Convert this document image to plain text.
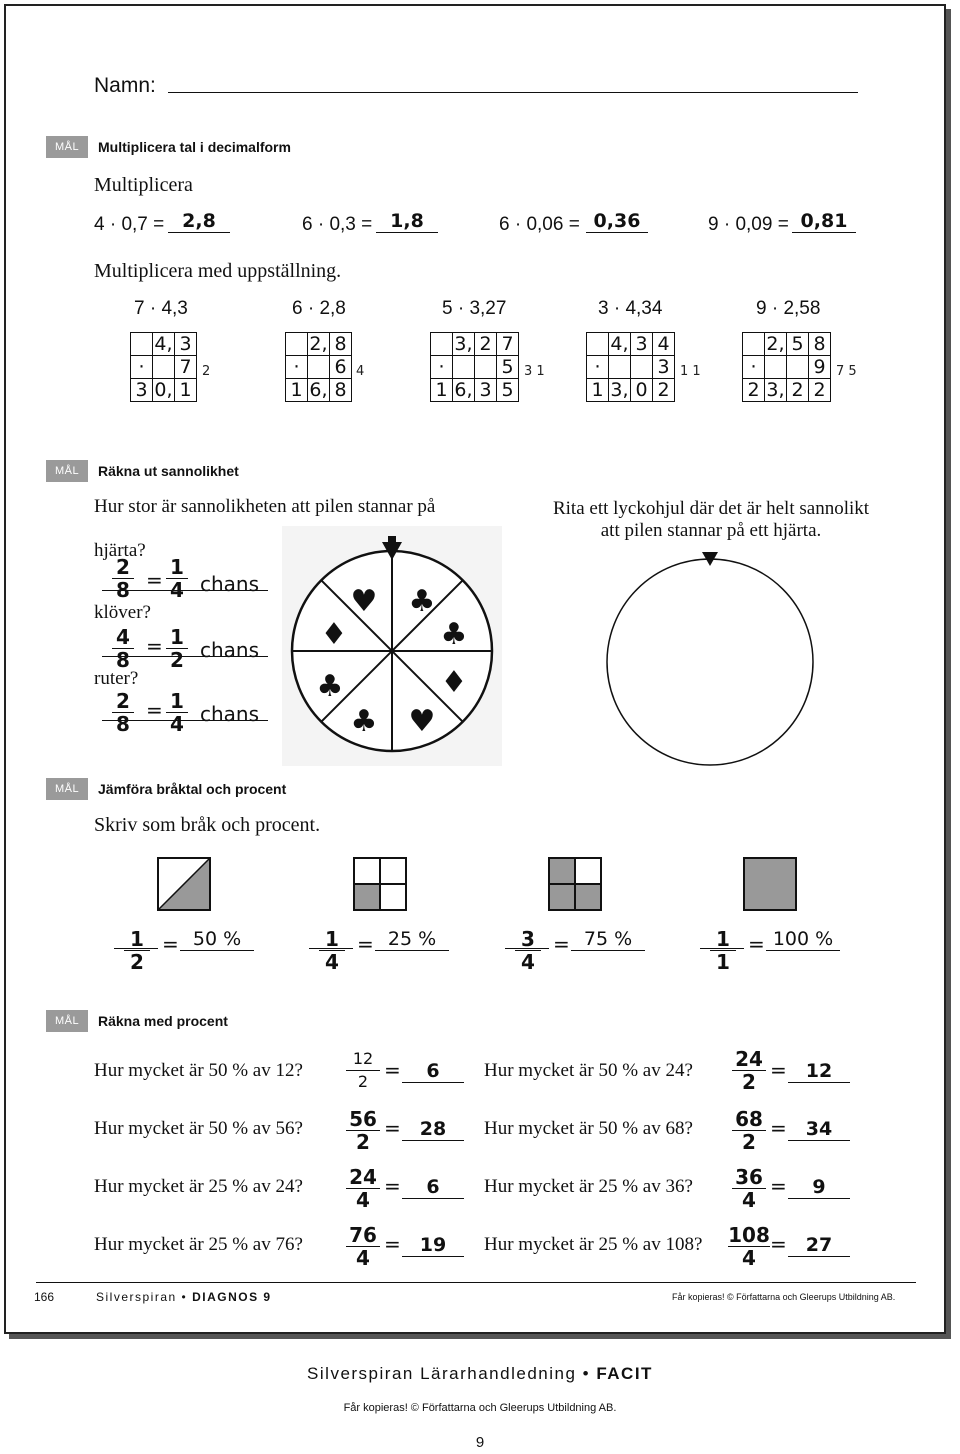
Namn:
MÅL	Multiplicera tal i decimalform
Multiplicera
4 · 0,7 = 2,8	6 · 0,3 = 1,8	6 · 0,06 = 0,36	9 · 0,09 = 0,81
Multiplicera med uppställning.
7 · 4,3	6 · 2,8	5 · 3,27	3 · 4,34	9 · 2,58
	4,	3
·		7
3	0,	1
2
	2,	8
·		6
1	6,	8
4
	3,	2	7
·			5
1	6,	3	5
3 1
	4,	3	4
·			3
1	3,	0	2
1 1
	2,	5	8
·			9
2	3,	2	2
7 5
MÅL	Räkna ut sannolikhet
Hur stor är sannolikheten att pilen stannar på
hjärta?
$\frac{2}{8} = \frac{1}{4}$ chans
klöver?
$\frac{4}{8} = \frac{1}{2}$ chans
ruter?
$\frac{2}{8} = \frac{1}{4}$ chans
♥ ♣
♣
♦
♥
♣
♣
♦
Rita ett lyckohjul där det är helt sannolikt att pilen stannar på ett hjärta.
MÅL	Jämföra bråktal och procent
Skriv som bråk och procent.
$\frac{1}{2} = 50$ %	$\frac{1}{4} = 25$ %	$\frac{3}{4} = 75$ %	$\frac{1}{1} = 100$ %
MÅL	Räkna med procent
Hur mycket är 50 % av 12?	$\frac{12}{2}$ =	6
Hur mycket är 50 % av 56? $\frac{56}{2}$ =	28
Hur mycket är 25 % av 24? $\frac{24}{4}$ =	6
Hur mycket är 25 % av 76? $\frac{76}{4}$ =	19
Hur mycket är 50 % av 24? $\frac{24}{2}$ =	12
Hur mycket är 50 % av 68? $\frac{68}{2}$ =	34
Hur mycket är 25 % av 36? $\frac{36}{4}$ =	9
Hur mycket är 25 % av 108? $\frac{108}{4}$ =	27
166	Silverspiran • DIAGNOS 9	Får kopieras! © Författarna och Gleerups Utbildning AB.
Silverspiran Lärarhandledning • FACIT
Får kopieras! © Författarna och Gleerups Utbildning AB.
9
